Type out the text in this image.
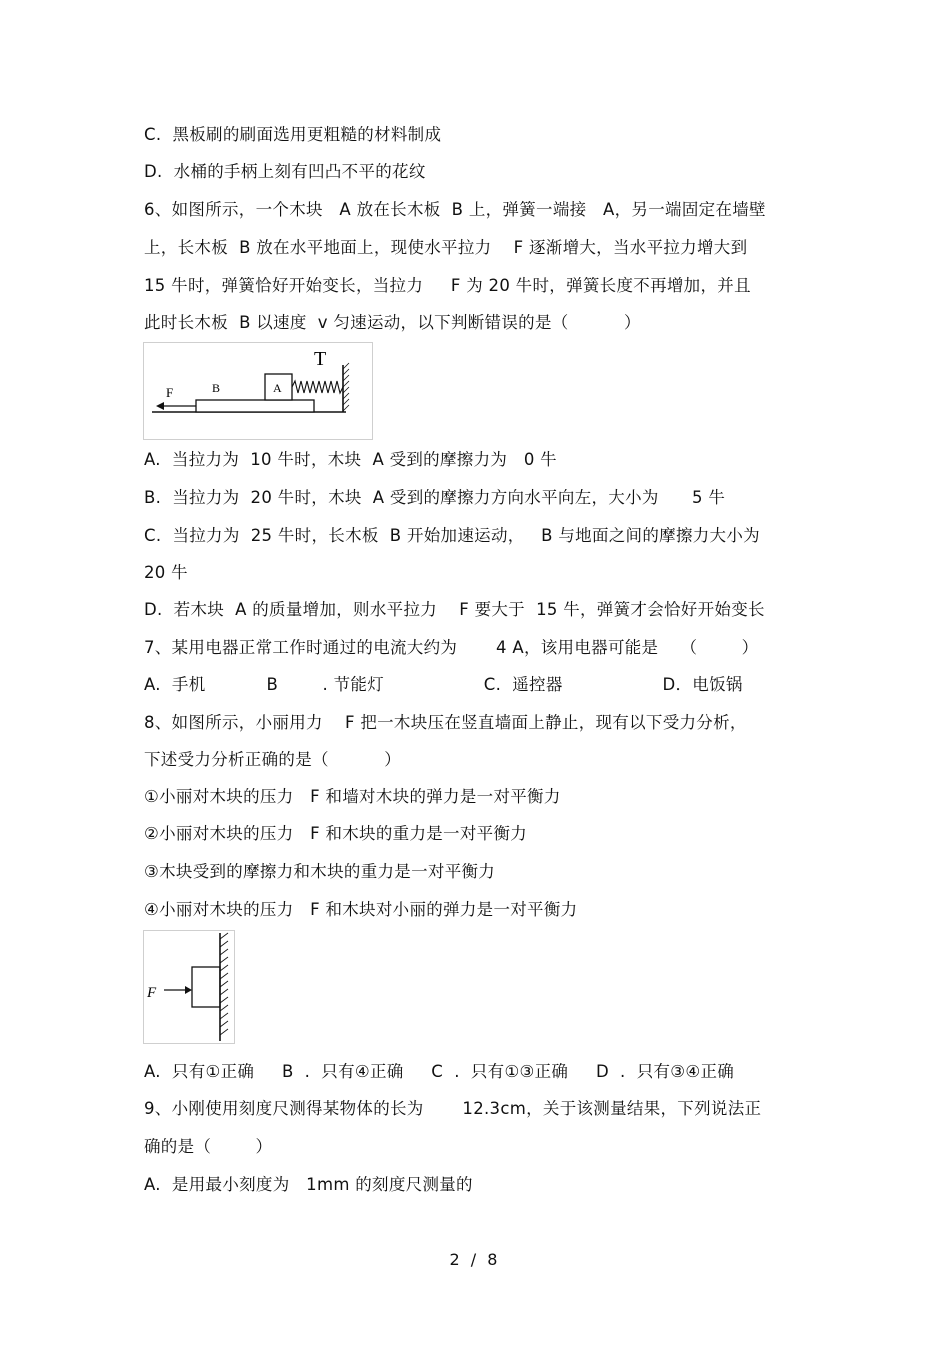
C.  黑板刷的刷面选用更粗糙的材料制成
D.  水桶的手柄上刻有凹凸不平的花纹
6、如图所示，一个木块   A 放在长木板  B 上，弹簧一端接   A，另一端固定在墙壁
上，长木板  B 放在水平地面上，现使水平拉力    F 逐渐增大，当水平拉力增大到
15 牛时，弹簧恰好开始变长，当拉力     F 为 20 牛时，弹簧长度不再增加，并且
此时长木板  B 以速度  v 匀速运动，以下判断错误的是（          ）
T
A
B
F
A.  当拉力为  10 牛时，木块  A 受到的摩擦力为   0 牛
B.  当拉力为  20 牛时，木块  A 受到的摩擦力方向水平向左，大小为      5 牛
C.  当拉力为  25 牛时，长木板  B 开始加速运动，   B 与地面之间的摩擦力大小为
20 牛
D.  若木块  A 的质量增加，则水平拉力    F 要大于  15 牛，弹簧才会恰好开始变长
7、某用电器正常工作时通过的电流大约为       4 A，该用电器可能是    （        ）
A.  手机           B        . 节能灯                  C.  遥控器                  D．电饭锅
8、如图所示，小丽用力    F 把一木块压在竖直墙面上静止，现有以下受力分析，
下述受力分析正确的是（          ）
①小丽对木块的压力   F 和墙对木块的弹力是一对平衡力
②小丽对木块的压力   F 和木块的重力是一对平衡力
③木块受到的摩擦力和木块的重力是一对平衡力
④小丽对木块的压力   F 和木块对小丽的弹力是一对平衡力
F
A.  只有①正确     B  .  只有④正确     C  .  只有①③正确     D  .  只有③④正确
9、小刚使用刻度尺测得某物体的长为       12.3cm，关于该测量结果，下列说法正
确的是（        ）
A.  是用最小刻度为   1mm 的刻度尺测量的
2 / 8
